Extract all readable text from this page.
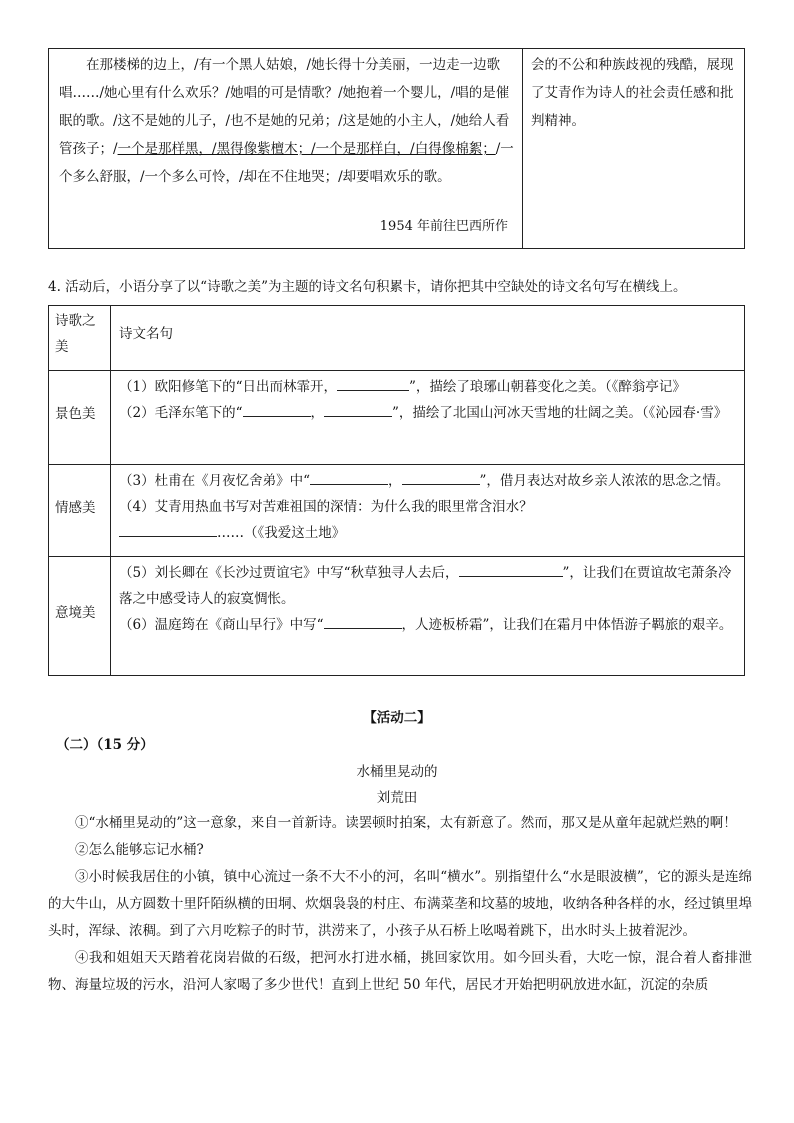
在那楼梯的边上，/有一个黑人姑娘，/她长得十分美丽，一边走一边歌唱……/她心里有什么欢乐？/她唱的可是情歌？/她抱着一个婴儿，/唱的是催眠的歌。/这不是她的儿子，/也不是她的兄弟；/这是她的小主人，/她给人看管孩子；/一个是那样黑，/黑得像紫檀木；/一个是那样白，/白得像棉絮；/一个多么舒服，/一个多么可怜，/却在不住地哭；/却要唱欢乐的歌。
1954 年前往巴西所作
会的不公和种族歧视的残酷，展现了艾青作为诗人的社会责任感和批判精神。
4. 活动后，小语分享了以“诗歌之美”为主题的诗文名句积累卡，请你把其中空缺处的诗文名句写在横线上。
诗歌之美
诗文名句
景色美
（1）欧阳修笔下的“日出而林霏开，	”，描绘了琅琊山朝暮变化之美。（《醉翁亭记》
（2）毛泽东笔下的“	，	”，描绘了北国山河冰天雪地的壮阔之美。（《沁园春·雪》
情感美
（3）杜甫在《月夜忆舍弟》中“	，	”，借月表达对故乡亲人浓浓的思念之情。
（4）艾青用热血书写对苦难祖国的深情：为什么我的眼里常含泪水？
……（《我爱这土地》
意境美
（5）刘长卿在《长沙过贾谊宅》中写“秋草独寻人去后，	”，让我们在贾谊故宅萧条冷落之中感受诗人的寂寞惆怅。
（6）温庭筠在《商山早行》中写“	，人迹板桥霜”，让我们在霜月中体悟游子羁旅的艰辛。
【活动二】
（二）（15 分）
水桶里晃动的
刘荒田

①“水桶里晃动的”这一意象，来自一首新诗。读罢顿时拍案，太有新意了。然而，那又是从童年起就烂熟的啊！

②怎么能够忘记水桶?

③小时候我居住的小镇，镇中心流过一条不大不小的河，名叫“横水”。别指望什么“水是眼波横”，它的源头是连绵的大牛山，从方圆数十里阡陌纵横的田垌、炊烟袅袅的村庄、布满菜垄和坟墓的坡地，收纳各种各样的水，经过镇里埠头时，浑绿、浓稠。到了六月吃粽子的时节，洪涝来了，小孩子从石桥上吆喝着跳下，出水时头上披着泥沙。

④我和姐姐天天踏着花岗岩做的石级，把河水打进水桶，挑回家饮用。如今回头看，大吃一惊，混合着人畜排泄物、海量垃圾的污水，沿河人家喝了多少世代！直到上世纪 50 年代，居民才开始把明矾放进水缸，沉淀的杂质
